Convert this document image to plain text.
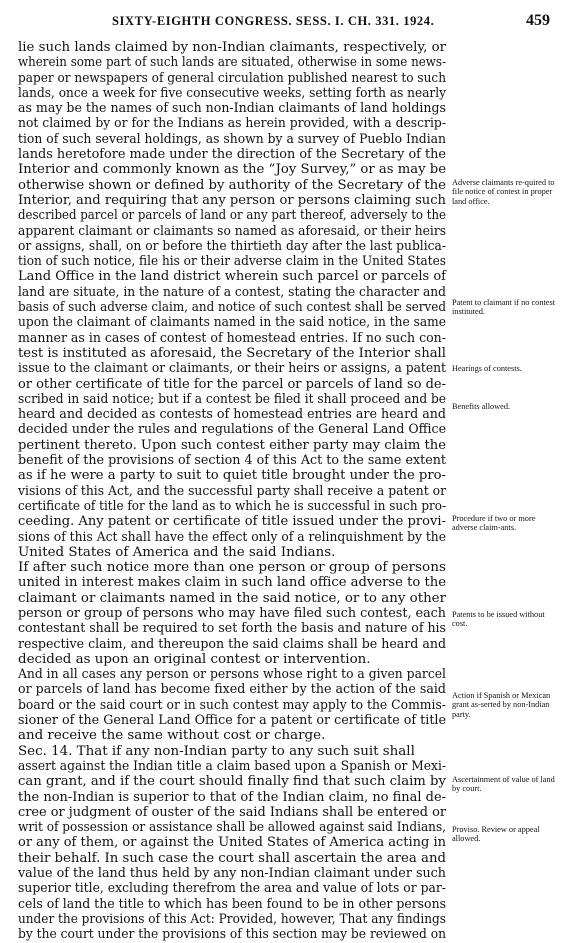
SIXTY-EIGHTH CONGRESS. SESS. I. CH. 331. 1924.	459
lie such lands claimed by non-Indian claimants, respectively, or
wherein some part of such lands are situated, otherwise in some news-
paper or newspapers of general circulation published nearest to such
lands, once a week for five consecutive weeks, setting forth as nearly
as may be the names of such non-Indian claimants of land holdings
not claimed by or for the Indians as herein provided, with a descrip-
tion of such several holdings, as shown by a survey of Pueblo Indian
lands heretofore made under the direction of the Secretary of the
Interior and commonly known as the “Joy Survey,” or as may be
otherwise shown or defined by authority of the Secretary of the
Interior, and requiring that any person or persons claiming such
described parcel or parcels of land or any part thereof, adversely to the
apparent claimant or claimants so named as aforesaid, or their heirs
or assigns, shall, on or before the thirtieth day after the last publica-
tion of such notice, file his or their adverse claim in the United States
Land Office in the land district wherein such parcel or parcels of
land are situate, in the nature of a contest, stating the character and
basis of such adverse claim, and notice of such contest shall be served
upon the claimant of claimants named in the said notice, in the same
manner as in cases of contest of homestead entries. If no such con-
test is instituted as aforesaid, the Secretary of the Interior shall
issue to the claimant or claimants, or their heirs or assigns, a patent
or other certificate of title for the parcel or parcels of land so de-
scribed in said notice; but if a contest be filed it shall proceed and be
heard and decided as contests of homestead entries are heard and
decided under the rules and regulations of the General Land Office
pertinent thereto. Upon such contest either party may claim the
benefit of the provisions of section 4 of this Act to the same extent
as if he were a party to suit to quiet title brought under the pro-
visions of this Act, and the successful party shall receive a patent or
certificate of title for the land as to which he is successful in such pro-
ceeding. Any patent or certificate of title issued under the provi-
sions of this Act shall have the effect only of a relinquishment by the
United States of America and the said Indians.
If after such notice more than one person or group of persons
united in interest makes claim in such land office adverse to the
claimant or claimants named in the said notice, or to any other
person or group of persons who may have filed such contest, each
contestant shall be required to set forth the basis and nature of his
respective claim, and thereupon the said claims shall be heard and
decided as upon an original contest or intervention.
And in all cases any person or persons whose right to a given parcel
or parcels of land has become fixed either by the action of the said
board or the said court or in such contest may apply to the Commis-
sioner of the General Land Office for a patent or certificate of title
and receive the same without cost or charge.
Sec. 14. That if any non-Indian party to any such suit shall
assert against the Indian title a claim based upon a Spanish or Mexi-
can grant, and if the court should finally find that such claim by
the non-Indian is superior to that of the Indian claim, no final de-
cree or judgment of ouster of the said Indians shall be entered or
writ of possession or assistance shall be allowed against said Indians,
or any of them, or against the United States of America acting in
their behalf. In such case the court shall ascertain the area and
value of the land thus held by any non-Indian claimant under such
superior title, excluding therefrom the area and value of lots or par-
cels of land the title to which has been found to be in other persons
under the provisions of this Act: Provided, however, That any findings
by the court under the provisions of this section may be reviewed on
Adverse claimants re-quired to file notice of contest in proper land office.
Patent to claimant if no contest instituted.
Hearings of contests.
Benefits allowed.
Procedure if two or more adverse claim-ants.
Patents to be issued without cost.
Action if Spanish or Mexican grant as-serted by non-Indian party.
Ascertainment of value of land by court.
Proviso. Review or appeal allowed.
